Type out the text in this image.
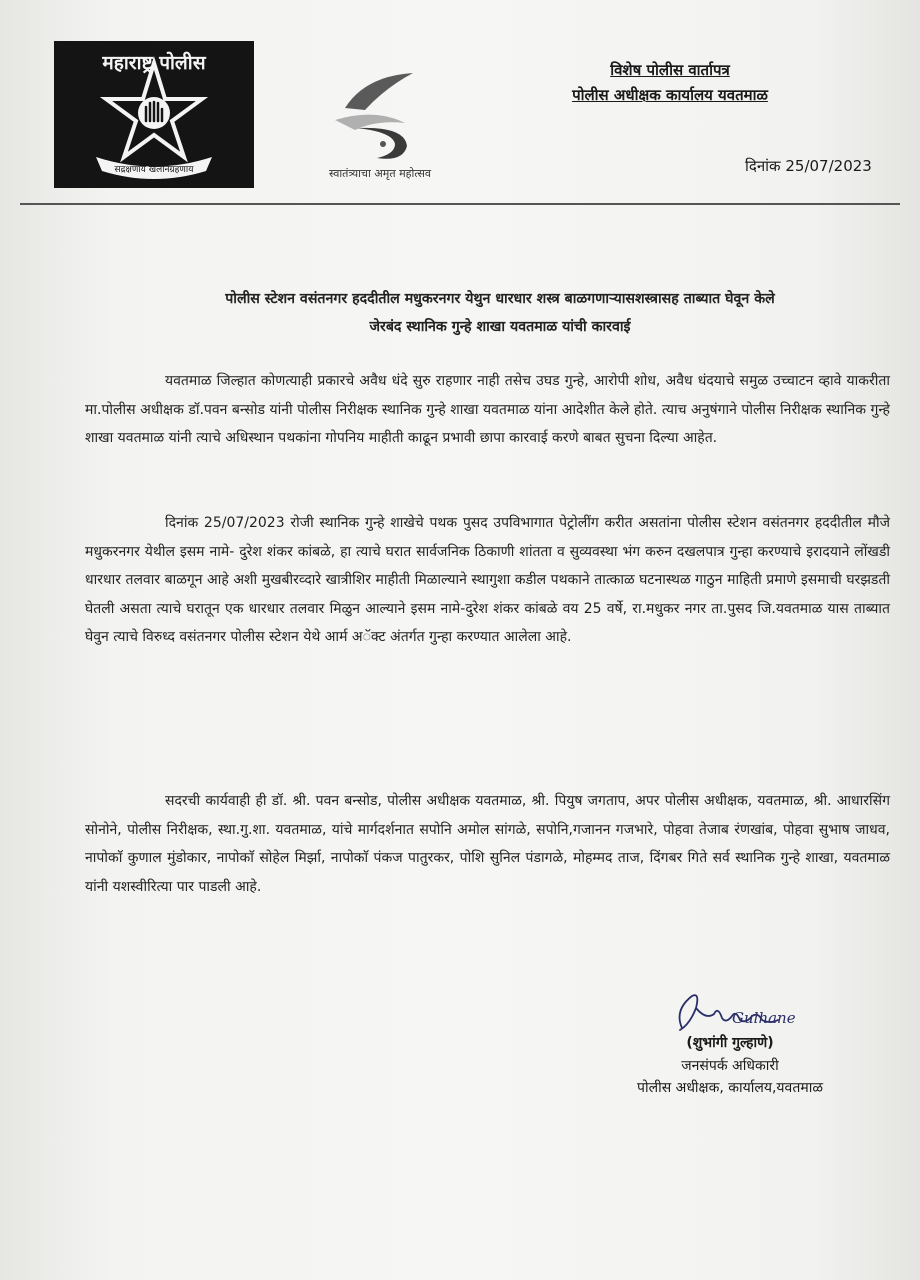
महाराष्ट्र पोलीस
सद्रक्षणाय खलनिग्रहणाय	स्वातंत्र्याचा अमृत महोत्सव
विशेष पोलीस वार्तापत्र
पोलीस अधीक्षक कार्यालय यवतमाळ
दिनांक 25/07/2023
पोलीस स्टेशन वसंतनगर हददीतील मधुकरनगर येथुन धारधार शस्त्र बाळगणाऱ्यासशस्त्रासह ताब्यात घेवून केले
जेरबंद स्थानिक गुन्हे शाखा यवतमाळ यांची कारवाई

यवतमाळ जिल्हात कोणत्याही प्रकारचे अवैध धंदे सुरु राहणार नाही तसेच उघड गुन्हे, आरोपी शोध, अवैध धंदयाचे समुळ उच्चाटन व्हावे याकरीता मा.पोलीस अधीक्षक डॉ.पवन बन्सोड यांनी पोलीस निरीक्षक स्थानिक गुन्हे शाखा यवतमाळ यांना आदेशीत केले होते. त्याच अनुषंगाने पोलीस निरीक्षक स्थानिक गुन्हे शाखा यवतमाळ यांनी त्याचे अधिस्थान पथकांना गोपनिय माहीती काढून प्रभावी छापा कारवाई करणे बाबत सुचना दिल्या आहेत.

दिनांक 25/07/2023 रोजी स्थानिक गुन्हे शाखेचे पथक पुसद उपविभागात पेट्रोलींग करीत असतांना पोलीस स्टेशन वसंतनगर हददीतील मौजे मधुकरनगर येथील इसम नामे- दुरेश शंकर कांबळे, हा त्याचे घरात सार्वजनिक ठिकाणी शांतता व सुव्यवस्था भंग करुन दखलपात्र गुन्हा करण्याचे इरादयाने लोंखडी धारधार तलवार बाळगून आहे अशी मुखबीरव्दारे खात्रीशिर माहीती मिळाल्याने स्थागुशा कडील पथकाने तात्काळ घटनास्थळ गाठुन माहिती प्रमाणे इसमाची घरझडती घेतली असता त्याचे घरातून एक धारधार तलवार मिळुन आल्याने इसम नामे-दुरेश शंकर कांबळे वय 25 वर्षे, रा.मधुकर नगर ता.पुसद जि.यवतमाळ यास ताब्यात घेवुन त्याचे विरुध्द वसंतनगर पोलीस स्टेशन येथे आर्म अॅक्ट अंतर्गत गुन्हा करण्यात आलेला आहे.

सदरची कार्यवाही ही डॉ. श्री. पवन बन्सोड, पोलीस अधीक्षक यवतमाळ, श्री. पियुष जगताप, अपर पोलीस अधीक्षक, यवतमाळ, श्री. आधारसिंग सोनोने, पोलीस निरीक्षक, स्था.गु.शा. यवतमाळ, यांचे मार्गदर्शनात सपोनि अमोल सांगळे, सपोनि,गजानन गजभारे, पोहवा तेजाब रंणखांब, पोहवा सुभाष जाधव, नापोकाॅ कुणाल मुंडोकार, नापोकाॅ सोहेल मिर्झा, नापोकाॅ पंकज पातुरकर, पोशि सुनिल पंडागळे, मोहम्मद ताज, दिंगबर गिते सर्व स्थानिक गुन्हे शाखा, यवतमाळ यांनी यशस्वीरित्या पार पाडली आहे.

Gulhane
(शुभांगी गुल्हाणे)
जनसंपर्क अधिकारी
पोलीस अधीक्षक, कार्यालय,यवतमाळ
